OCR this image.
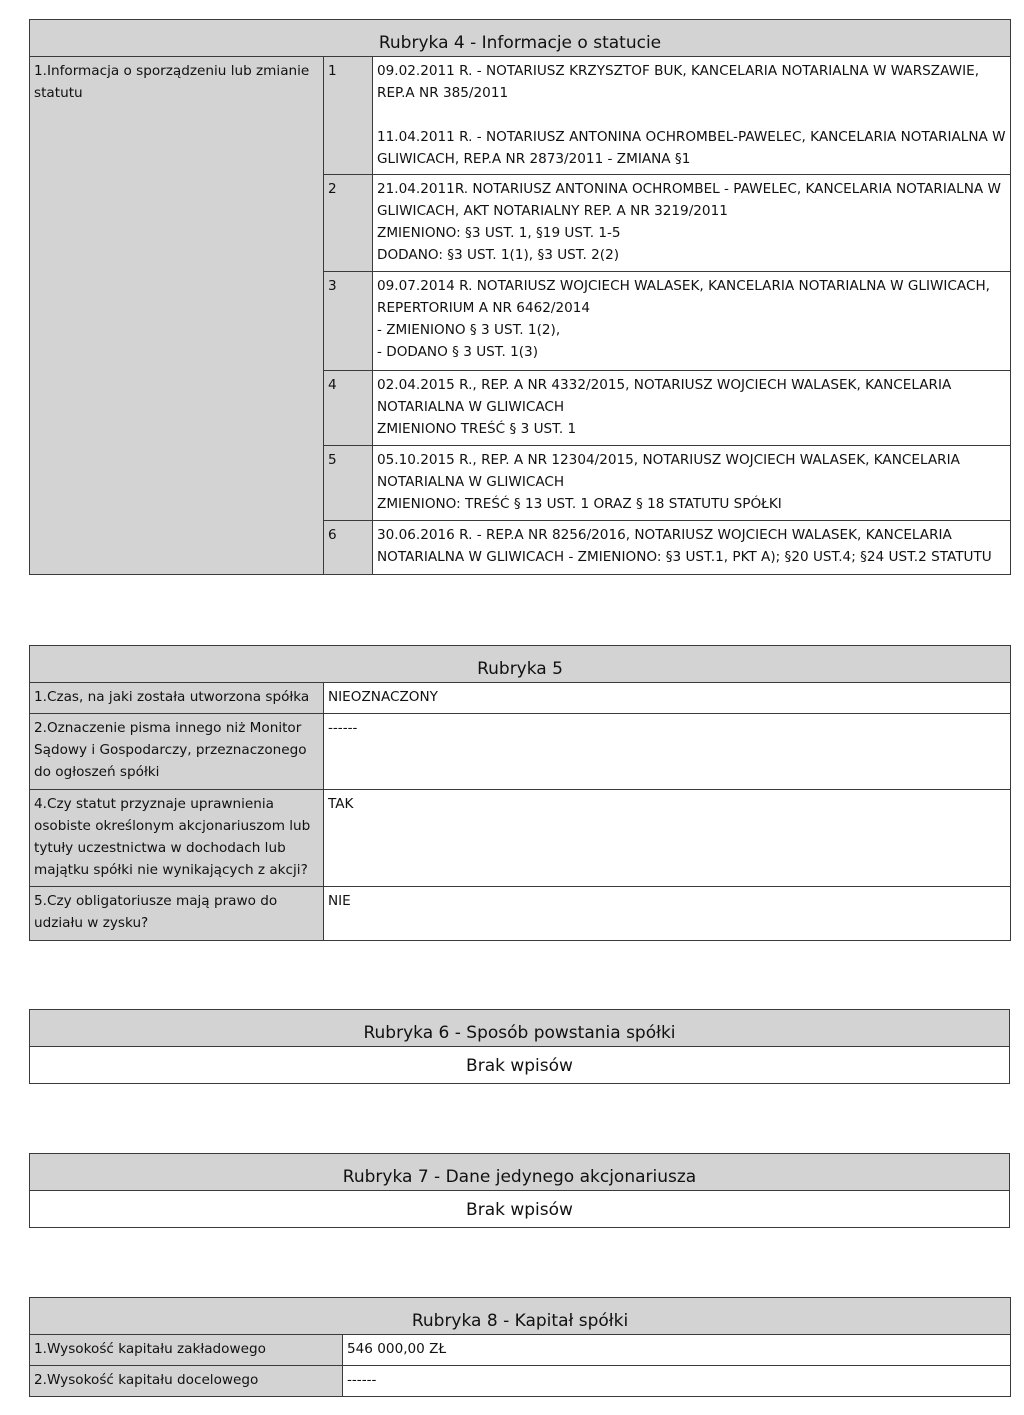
Rubryka 4 - Informacje o statucie		
1.Informacja o sporządzeniu lub zmianie statutu	1	09.02.2011 R. - NOTARIUSZ KRZYSZTOF BUK, KANCELARIA NOTARIALNA W WARSZAWIE,
REP.A NR 385/2011
11.04.2011 R. - NOTARIUSZ ANTONINA OCHROMBEL-PAWELEC, KANCELARIA NOTARIALNA W
GLIWICACH, REP.A NR 2873/2011 - ZMIANA §1

	2	21.04.2011R. NOTARIUSZ ANTONINA OCHROMBEL - PAWELEC, KANCELARIA NOTARIALNA W
GLIWICACH, AKT NOTARIALNY REP. A NR 3219/2011
ZMIENIONO: §3 UST. 1, §19 UST. 1-5
DODANO: §3 UST. 1(1), §3 UST. 2(2)
	3	09.07.2014 R. NOTARIUSZ WOJCIECH WALASEK, KANCELARIA NOTARIALNA W GLIWICACH,
REPERTORIUM A NR 6462/2014
- ZMIENIONO § 3 UST. 1(2),
- DODANO § 3 UST. 1(3)
	4	02.04.2015 R., REP. A NR 4332/2015, NOTARIUSZ WOJCIECH WALASEK, KANCELARIA
NOTARIALNA W GLIWICACH
ZMIENIONO TREŚĆ § 3 UST. 1
	5	05.10.2015 R., REP. A NR 12304/2015, NOTARIUSZ WOJCIECH WALASEK, KANCELARIA
NOTARIALNA W GLIWICACH
ZMIENIONO: TREŚĆ § 13 UST. 1 ORAZ § 18 STATUTU SPÓŁKI
	6	30.06.2016 R. - REP.A NR 8256/2016, NOTARIUSZ WOJCIECH WALASEK, KANCELARIA
NOTARIALNA W GLIWICACH - ZMIENIONO: §3 UST.1, PKT A); §20 UST.4; §24 UST.2 STATUTU
Rubryka 5	
1.Czas, na jaki została utworzona spółka	NIEOZNACZONY
2.Oznaczenie pisma innego niż Monitor Sądowy i Gospodarczy, przeznaczonego do ogłoszeń spółki	------
4.Czy statut przyznaje uprawnienia osobiste określonym akcjonariuszom lub tytuły uczestnictwa w dochodach lub majątku spółki nie wynikających z akcji?	TAK
5.Czy obligatoriusze mają prawo do udziału w zysku?	NIE
Rubryka 6 - Sposób powstania spółki
Brak wpisów
Rubryka 7 - Dane jedynego akcjonariusza
Brak wpisów
Rubryka 8 - Kapitał spółki	
1.Wysokość kapitału zakładowego	546 000,00 ZŁ
2.Wysokość kapitału docelowego	------
